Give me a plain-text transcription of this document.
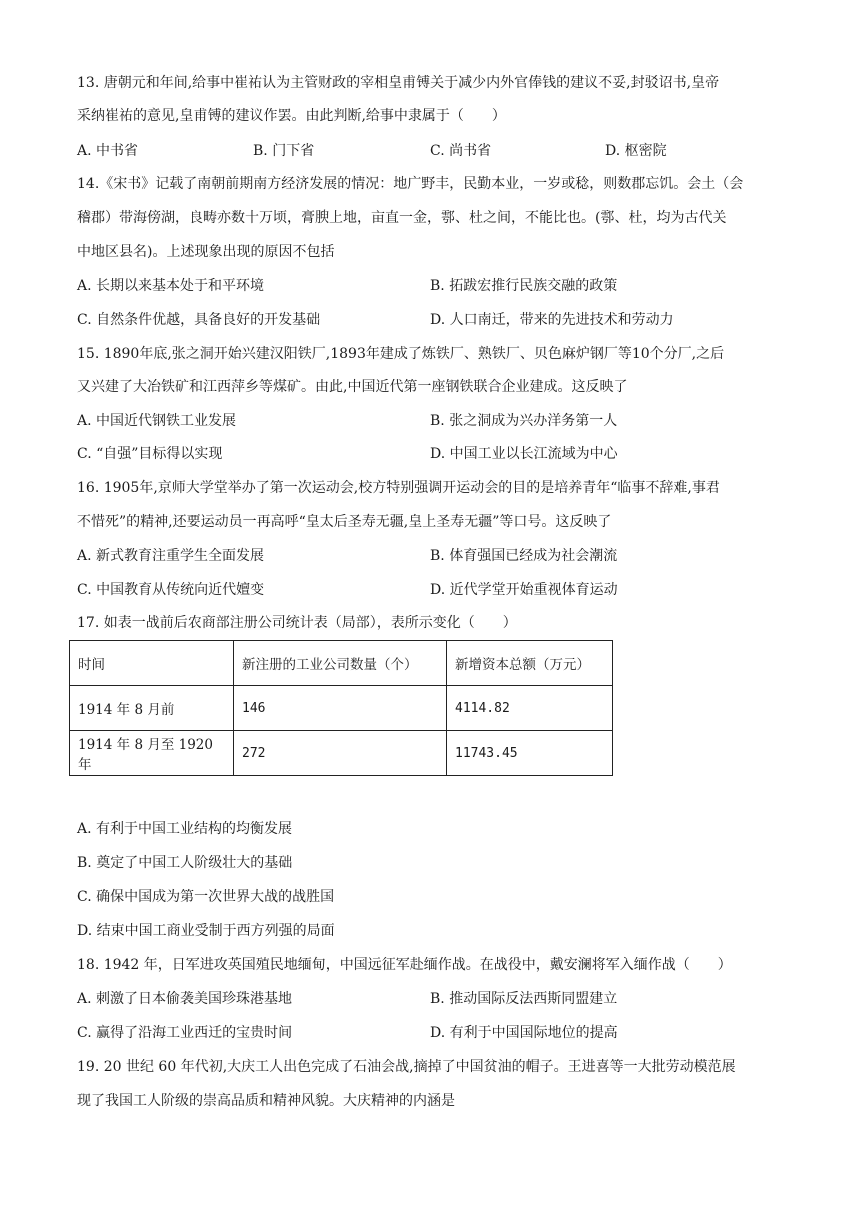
13. 唐朝元和年间,给事中崔祐认为主管财政的宰相皇甫镈关于减少内外官俸钱的建议不妥,封驳诏书,皇帝
采纳崔祐的意见,皇甫镈的建议作罢。由此判断,给事中隶属于（　　）
A. 中书省	B. 门下省	C. 尚书省	D. 枢密院
14.《宋书》记载了南朝前期南方经济发展的情况：地广野丰，民勤本业，一岁或稔，则数郡忘饥。会土（会
稽郡）带海傍湖，良畴亦数十万顷，膏腴上地，亩直一金，鄠、杜之间，不能比也。(鄠、杜，均为古代关
中地区县名)。上述现象出现的原因不包括
A. 长期以来基本处于和平环境	B. 拓跋宏推行民族交融的政策
C. 自然条件优越，具备良好的开发基础	D. 人口南迁，带来的先进技术和劳动力
15. 1890年底,张之洞开始兴建汉阳铁厂,1893年建成了炼铁厂、熟铁厂、贝色麻炉钢厂等10个分厂,之后
又兴建了大冶铁矿和江西萍乡等煤矿。由此,中国近代第一座钢铁联合企业建成。这反映了
A. 中国近代钢铁工业发展	B. 张之洞成为兴办洋务第一人
C. “自强”目标得以实现	D. 中国工业以长江流域为中心
16. 1905年,京师大学堂举办了第一次运动会,校方特别强调开运动会的目的是培养青年“临事不辞难,事君
不惜死”的精神,还要运动员一再高呼“皇太后圣寿无疆,皇上圣寿无疆”等口号。这反映了
A. 新式教育注重学生全面发展	B. 体育强国已经成为社会潮流
C. 中国教育从传统向近代嬗变	D. 近代学堂开始重视体育运动
17. 如表一战前后农商部注册公司统计表（局部），表所示变化（　　）
时间	新注册的工业公司数量（个）	新增资本总额（万元）
1914 年 8 月前	146	4114.82
1914 年 8 月至 1920 年	272	11743.45
A. 有利于中国工业结构的均衡发展
B. 奠定了中国工人阶级壮大的基础
C. 确保中国成为第一次世界大战的战胜国
D. 结束中国工商业受制于西方列强的局面
18. 1942 年，日军进攻英国殖民地缅甸，中国远征军赴缅作战。在战役中，戴安澜将军入缅作战（　　）
A. 刺激了日本偷袭美国珍珠港基地	B. 推动国际反法西斯同盟建立
C. 赢得了沿海工业西迁的宝贵时间	D. 有利于中国国际地位的提高
19. 20 世纪 60 年代初,大庆工人出色完成了石油会战,摘掉了中国贫油的帽子。王进喜等一大批劳动模范展
现了我国工人阶级的崇高品质和精神风貌。大庆精神的内涵是
